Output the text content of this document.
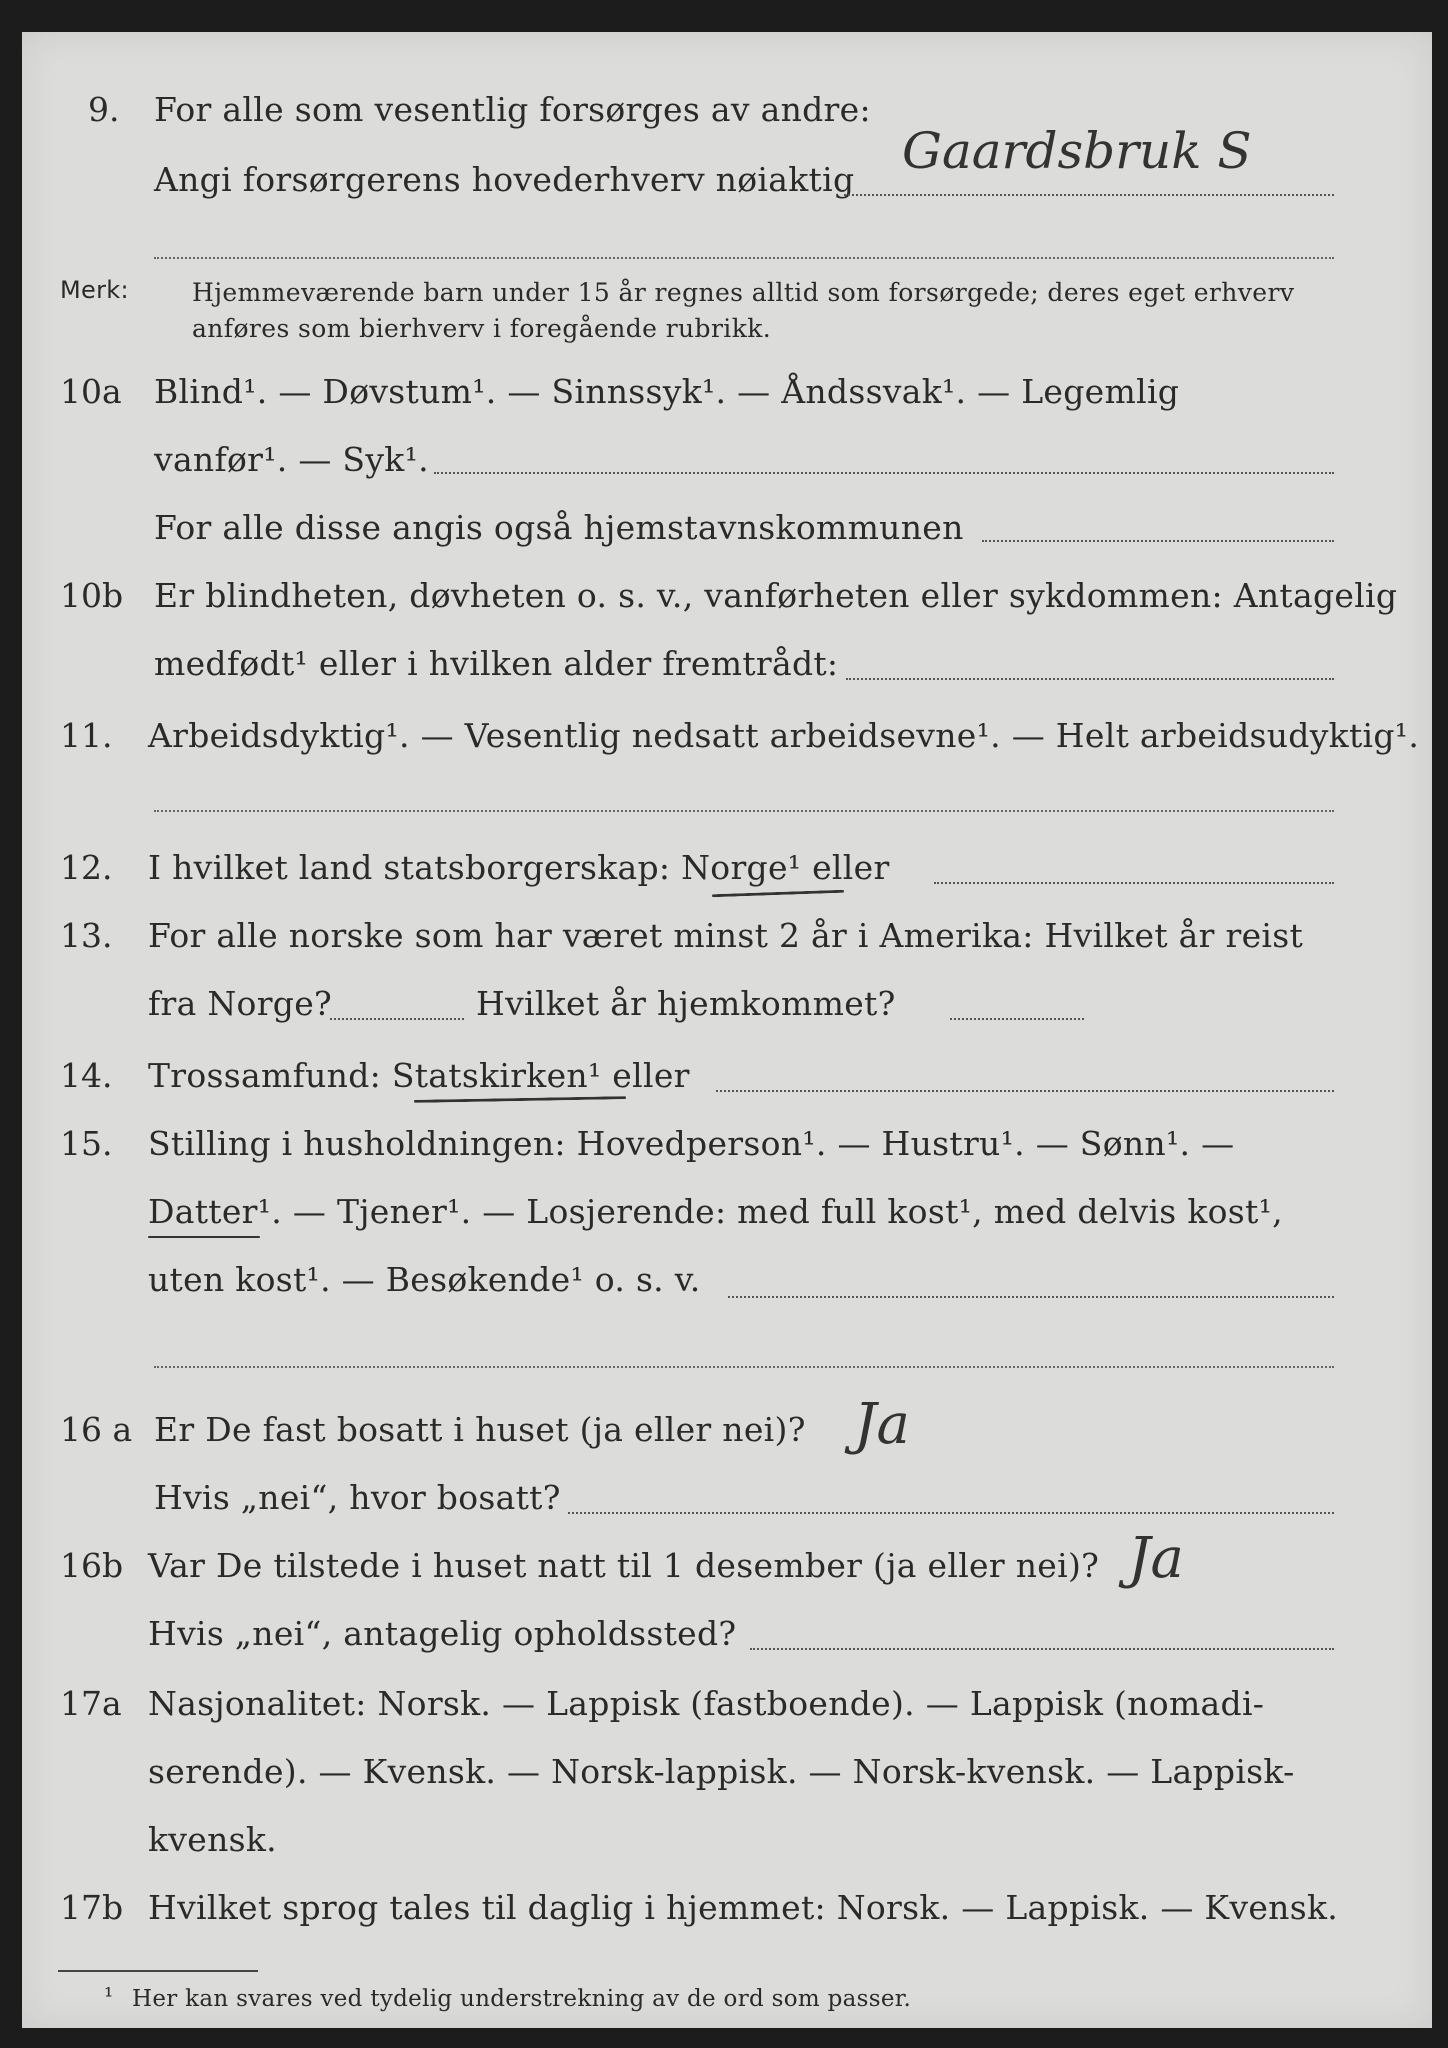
9. For alle som vesentlig forsørges av andre:
Angi forsørgerens hovederhverv nøiaktig Gaardsbruk S
Merk:	Hjemmeværende barn under 15 år regnes alltid som forsørgede; deres eget erhverv
anføres som bierhverv i foregående rubrikk.
10a Blind¹. — Døvstum¹. — Sinnssyk¹. — Åndssvak¹. — Legemlig
vanfør¹. — Syk¹.
For alle disse angis også hjemstavnskommunen
10b Er blindheten, døvheten o. s. v., vanførheten eller sykdommen: Antagelig
medfødt¹ eller i hvilken alder fremtrådt:
11. Arbeidsdyktig¹. — Vesentlig nedsatt arbeidsevne¹. — Helt arbeidsudyktig¹.
12. I hvilket land statsborgerskap: Norge¹ eller
13. For alle norske som har været minst 2 år i Amerika: Hvilket år reist
fra Norge?	Hvilket år hjemkommet?
14. Trossamfund: Statskirken¹ eller
15. Stilling i husholdningen: Hovedperson¹. — Hustru¹. — Sønn¹. —
Datter¹. — Tjener¹. — Losjerende: med full kost¹, med delvis kost¹,
uten kost¹. — Besøkende¹ o. s. v.
16 a Er De fast bosatt i huset (ja eller nei)? Ja
Hvis „nei“, hvor bosatt?
16b Var De tilstede i huset natt til 1 desember (ja eller nei)? Ja
Hvis „nei“, antagelig opholdssted?
17a Nasjonalitet: Norsk. — Lappisk (fastboende). — Lappisk (nomadi-
serende). — Kvensk. — Norsk-lappisk. — Norsk-kvensk. — Lappisk-
kvensk.
17b Hvilket sprog tales til daglig i hjemmet: Norsk. — Lappisk. — Kvensk.
¹ Her kan svares ved tydelig understrekning av de ord som passer.
